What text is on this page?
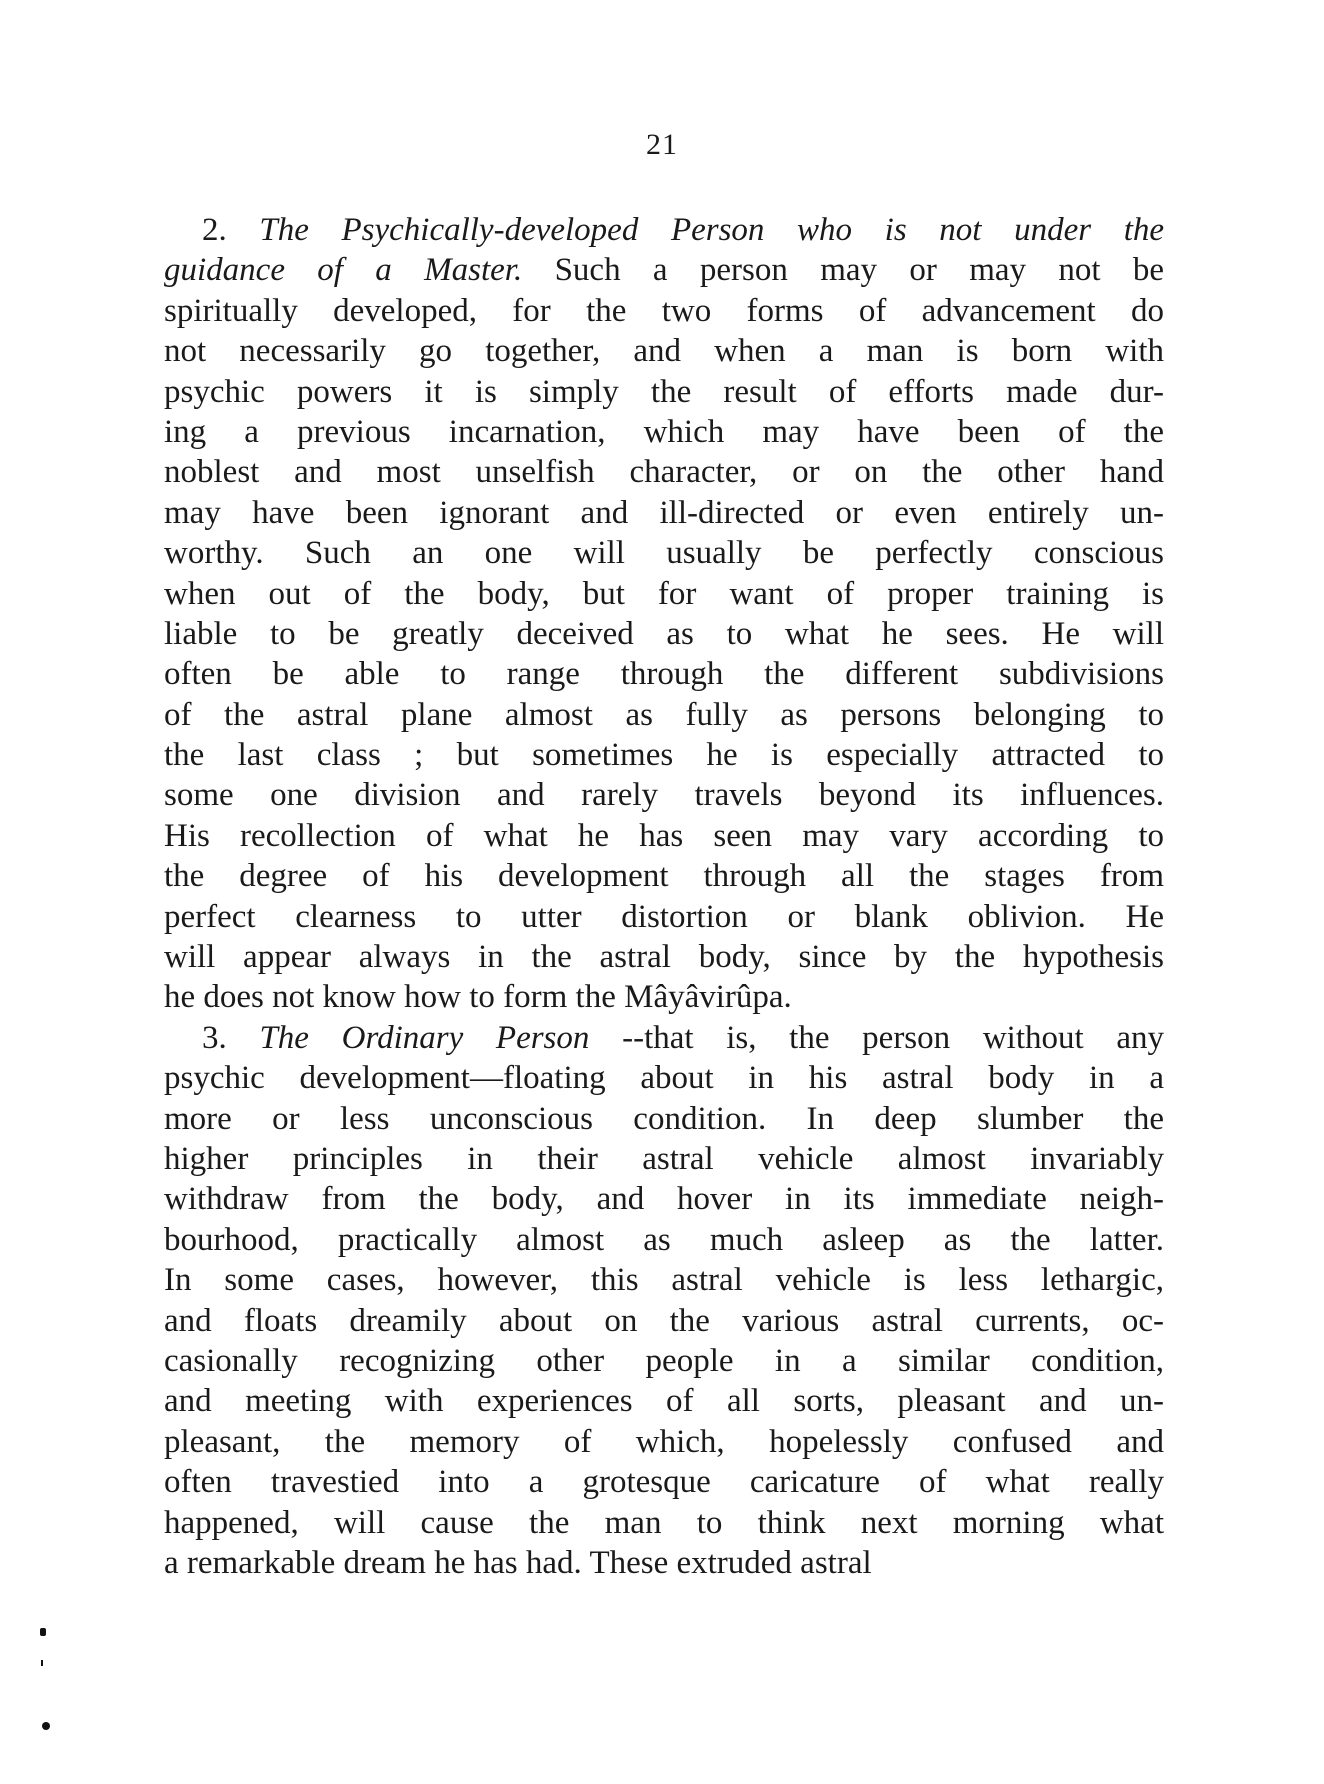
21
2. The Psychically-developed Person who is not under the
guidance of a Master. Such a person may or may not be
spiritually developed, for the two forms of advancement do
not necessarily go together, and when a man is born with
psychic powers it is simply the result of efforts made dur-
ing a previous incarnation, which may have been of the
noblest and most unselfish character, or on the other hand
may have been ignorant and ill-directed or even entirely un-
worthy. Such an one will usually be perfectly conscious
when out of the body, but for want of proper training is
liable to be greatly deceived as to what he sees. He will
often be able to range through the different subdivisions
of the astral plane almost as fully as persons belonging to
the last class ; but sometimes he is especially attracted to
some one division and rarely travels beyond its influences.
His recollection of what he has seen may vary according to
the degree of his development through all the stages from
perfect clearness to utter distortion or blank oblivion. He
will appear always in the astral body, since by the hypothesis
he does not know how to form the Mâyâvirûpa.
3. The Ordinary Person --that is, the person without any
psychic development—floating about in his astral body in a
more or less unconscious condition. In deep slumber the
higher principles in their astral vehicle almost invariably
withdraw from the body, and hover in its immediate neigh-
bourhood, practically almost as much asleep as the latter.
In some cases, however, this astral vehicle is less lethargic,
and floats dreamily about on the various astral currents, oc-
casionally recognizing other people in a similar condition,
and meeting with experiences of all sorts, pleasant and un-
pleasant, the memory of which, hopelessly confused and
often travestied into a grotesque caricature of what really
happened, will cause the man to think next morning what
a remarkable dream he has had. These extruded astral
